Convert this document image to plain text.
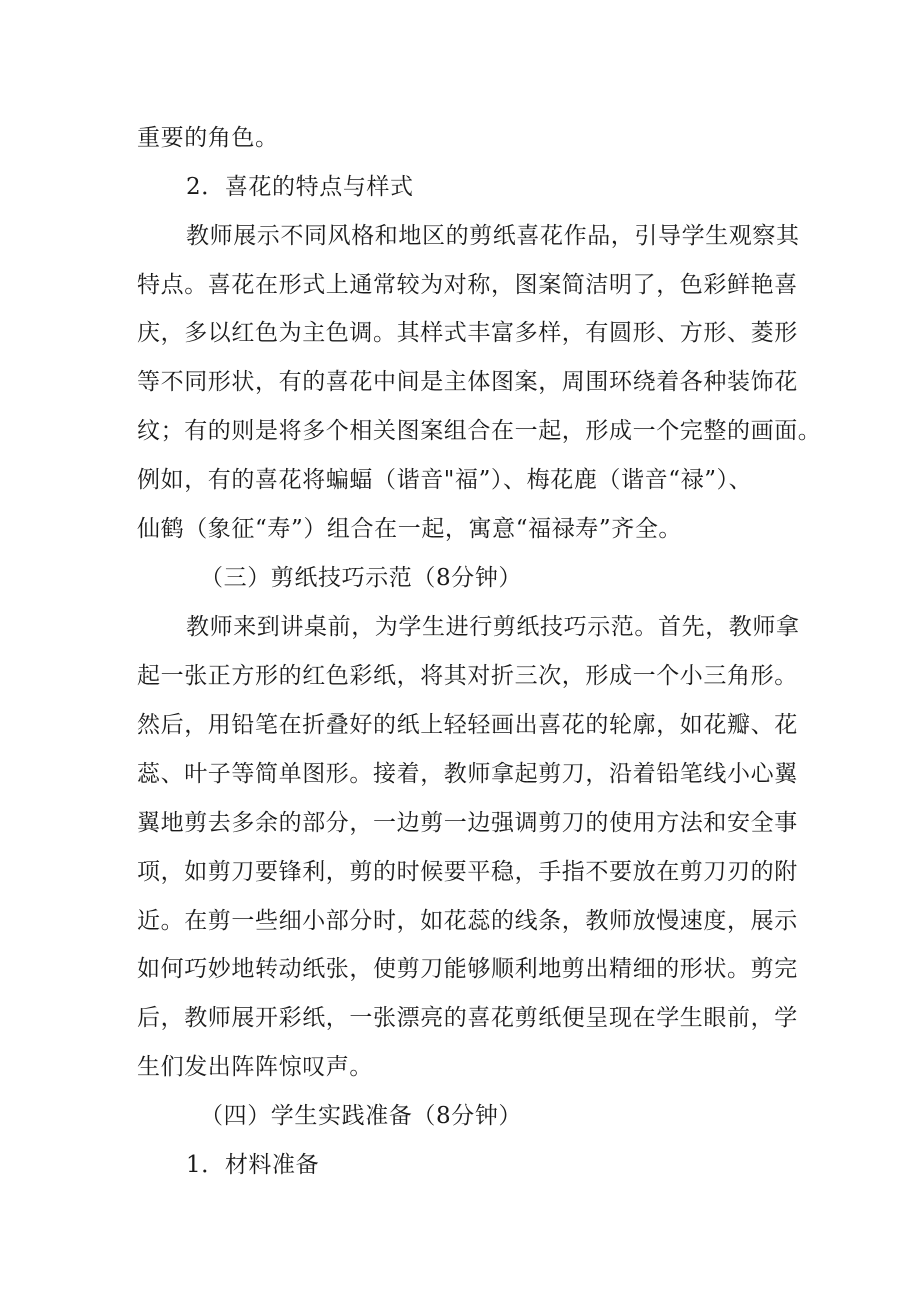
重要的角色。
2．喜花的特点与样式
教师展示不同风格和地区的剪纸喜花作品，引导学生观察其
特点。喜花在形式上通常较为对称，图案简洁明了，色彩鲜艳喜
庆，多以红色为主色调。其样式丰富多样，有圆形、方形、菱形
等不同形状，有的喜花中间是主体图案，周围环绕着各种装饰花
纹；有的则是将多个相关图案组合在一起，形成一个完整的画面。
例如，有的喜花将蝙蝠（谐音"福”）、梅花鹿（谐音“禄”）、
仙鹤（象征“寿”）组合在一起，寓意“福禄寿”齐全。
（三）剪纸技巧示范（8分钟）
教师来到讲桌前，为学生进行剪纸技巧示范。首先，教师拿
起一张正方形的红色彩纸，将其对折三次，形成一个小三角形。
然后，用铅笔在折叠好的纸上轻轻画出喜花的轮廓，如花瓣、花
蕊、叶子等简单图形。接着，教师拿起剪刀，沿着铅笔线小心翼
翼地剪去多余的部分，一边剪一边强调剪刀的使用方法和安全事
项，如剪刀要锋利，剪的时候要平稳，手指不要放在剪刀刃的附
近。在剪一些细小部分时，如花蕊的线条，教师放慢速度，展示
如何巧妙地转动纸张，使剪刀能够顺利地剪出精细的形状。剪完
后，教师展开彩纸，一张漂亮的喜花剪纸便呈现在学生眼前，学
生们发出阵阵惊叹声。
（四）学生实践准备（8分钟）
1．材料准备
